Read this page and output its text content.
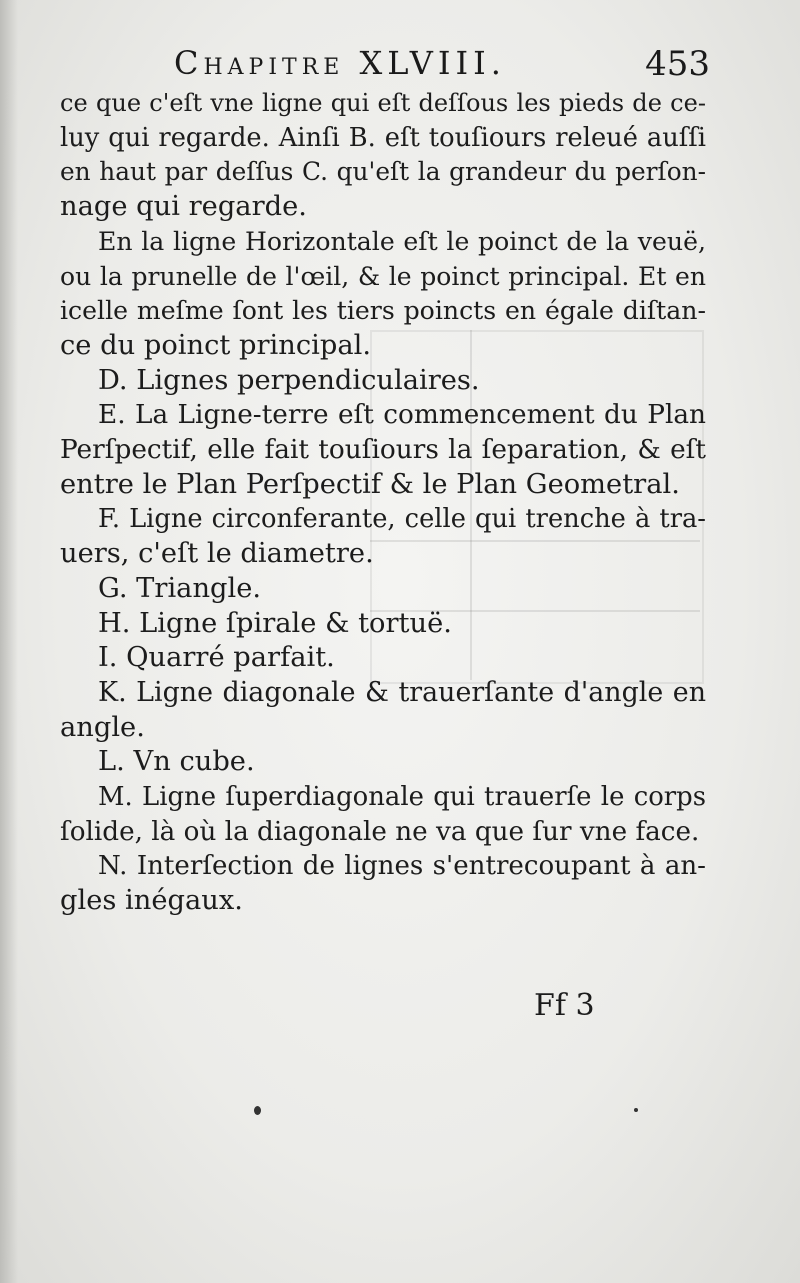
Chapitre XLVIII.	453

ce que c'eſt vne ligne qui eſt deſſous les pieds de ce-

luy qui regarde. Ainſi B. eſt touſiours releué auſſi

en haut par deſſus C. qu'eſt la grandeur du perſon-

nage qui regarde.

En la ligne Horizontale eſt le poinct de la veuë,

ou la prunelle de l'œil, & le poinct principal. Et en

icelle meſme ſont les tiers poincts en égale diſtan-

ce du poinct principal.

D. Lignes perpendiculaires.

E. La Ligne-terre eſt commencement du Plan

Perſpectif, elle fait touſiours la ſeparation, & eſt

entre le Plan Perſpectif & le Plan Geometral.

F. Ligne circonferante, celle qui trenche à tra-

uers, c'eſt le diametre.

G. Triangle.

H. Ligne ſpirale & tortuë.

I. Quarré parfait.

K. Ligne diagonale & trauerſante d'angle en

angle.

L. Vn cube.

M. Ligne ſuperdiagonale qui trauerſe le corps

ſolide, là où la diagonale ne va que ſur vne face.

N. Interſection de lignes s'entrecoupant à an-

gles inégaux.

Ff 3
